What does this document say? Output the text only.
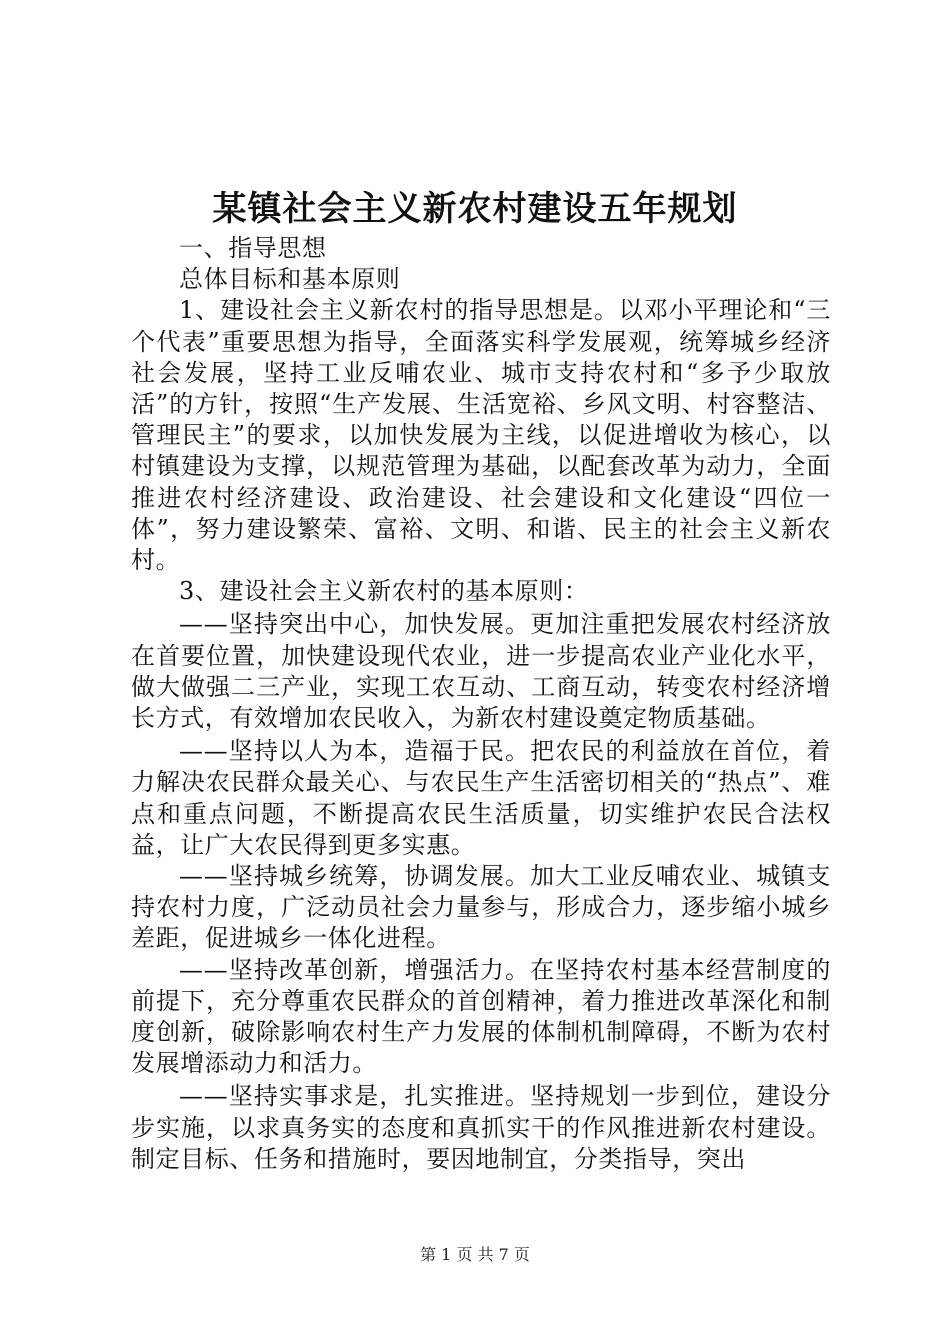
某镇社会主义新农村建设五年规划

一、指导思想

总体目标和基本原则

1、建设社会主义新农村的指导思想是。以邓小平理论和“三个代表”重要思想为指导，全面落实科学发展观，统筹城乡经济社会发展，坚持工业反哺农业、城市支持农村和“多予少取放活”的方针，按照“生产发展、生活宽裕、乡风文明、村容整洁、管理民主”的要求，以加快发展为主线，以促进增收为核心，以村镇建设为支撑，以规范管理为基础，以配套改革为动力，全面推进农村经济建设、政治建设、社会建设和文化建设“四位一体”，努力建设繁荣、富裕、文明、和谐、民主的社会主义新农村。

3、建设社会主义新农村的基本原则：

——坚持突出中心，加快发展。更加注重把发展农村经济放在首要位置，加快建设现代农业，进一步提高农业产业化水平，做大做强二三产业，实现工农互动、工商互动，转变农村经济增长方式，有效增加农民收入，为新农村建设奠定物质基础。

——坚持以人为本，造福于民。把农民的利益放在首位，着力解决农民群众最关心、与农民生产生活密切相关的“热点”、难点和重点问题，不断提高农民生活质量，切实维护农民合法权益，让广大农民得到更多实惠。

——坚持城乡统筹，协调发展。加大工业反哺农业、城镇支持农村力度，广泛动员社会力量参与，形成合力，逐步缩小城乡差距，促进城乡一体化进程。

——坚持改革创新，增强活力。在坚持农村基本经营制度的前提下，充分尊重农民群众的首创精神，着力推进改革深化和制度创新，破除影响农村生产力发展的体制机制障碍，不断为农村发展增添动力和活力。

——坚持实事求是，扎实推进。坚持规划一步到位，建设分步实施，以求真务实的态度和真抓实干的作风推进新农村建设。制定目标、任务和措施时，要因地制宜，分类指导，突出

第 1 页 共 7 页
